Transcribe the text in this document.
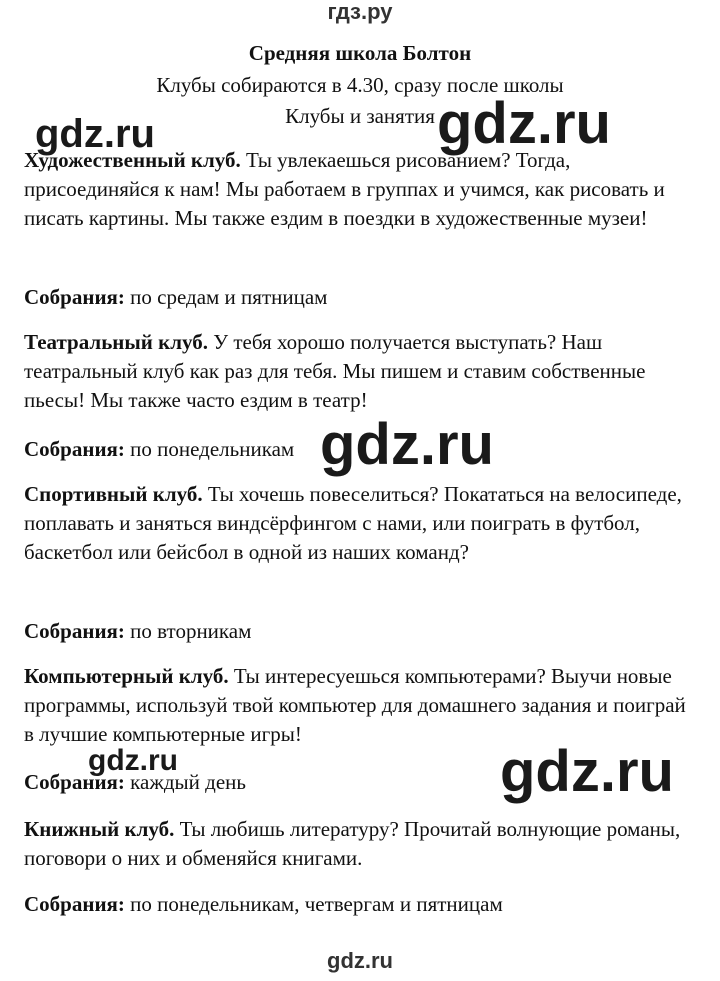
гдз.ру
Средняя школа Болтон
Клубы собираются в 4.30, сразу после школы
Клубы и занятия
Художественный клуб. Ты увлекаешься рисованием? Тогда, присоединяйся к нам! Мы работаем в группах и учимся, как рисовать и писать картины. Мы также ездим в поездки в художественные музеи!
Собрания: по средам и пятницам
Театральный клуб. У тебя хорошо получается выступать? Наш театральный клуб как раз для тебя. Мы пишем и ставим собственные пьесы! Мы также часто ездим в театр!
Собрания: по понедельникам
Спортивный клуб. Ты хочешь повеселиться? Покататься на велосипеде, поплавать и заняться виндсёрфингом с нами, или поиграть в футбол, баскетбол или бейсбол в одной из наших команд?
Собрания: по вторникам
Компьютерный клуб. Ты интересуешься компьютерами? Выучи новые программы, используй твой компьютер для домашнего задания и поиграй в лучшие компьютерные игры!
Собрания: каждый день
Книжный клуб. Ты любишь литературу? Прочитай волнующие романы, поговори о них и обменяйся книгами.
Собрания: по понедельникам, четвергам и пятницам
gdz.ru	gdz.ru
gdz.ru
gdz.ru	gdz.ru
gdz.ru
